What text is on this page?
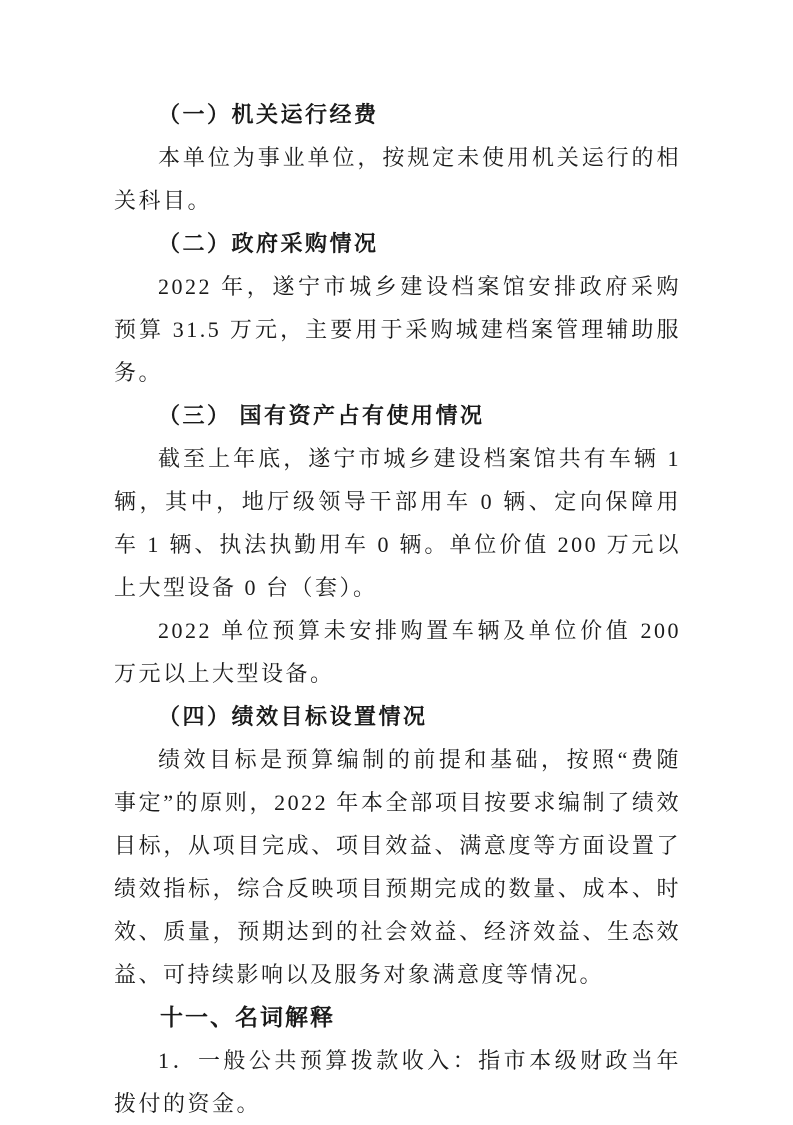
（一）机关运行经费
本单位为事业单位，按规定未使用机关运行的相关科目。
（二）政府采购情况
2022 年，遂宁市城乡建设档案馆安排政府采购预算 31.5 万元，主要用于采购城建档案管理辅助服务。
（三） 国有资产占有使用情况
截至上年底，遂宁市城乡建设档案馆共有车辆 1 辆，其中，地厅级领导干部用车 0 辆、定向保障用车 1 辆、执法执勤用车 0 辆。单位价值 200 万元以上大型设备 0 台（套）。
2022 单位预算未安排购置车辆及单位价值 200 万元以上大型设备。
（四）绩效目标设置情况
绩效目标是预算编制的前提和基础，按照“费随事定”的原则，2022 年本全部项目按要求编制了绩效目标，从项目完成、项目效益、满意度等方面设置了绩效指标，综合反映项目预期完成的数量、成本、时效、质量，预期达到的社会效益、经济效益、生态效益、可持续影响以及服务对象满意度等情况。
十一、名词解释
1．一般公共预算拨款收入：指市本级财政当年拨付的资金。
